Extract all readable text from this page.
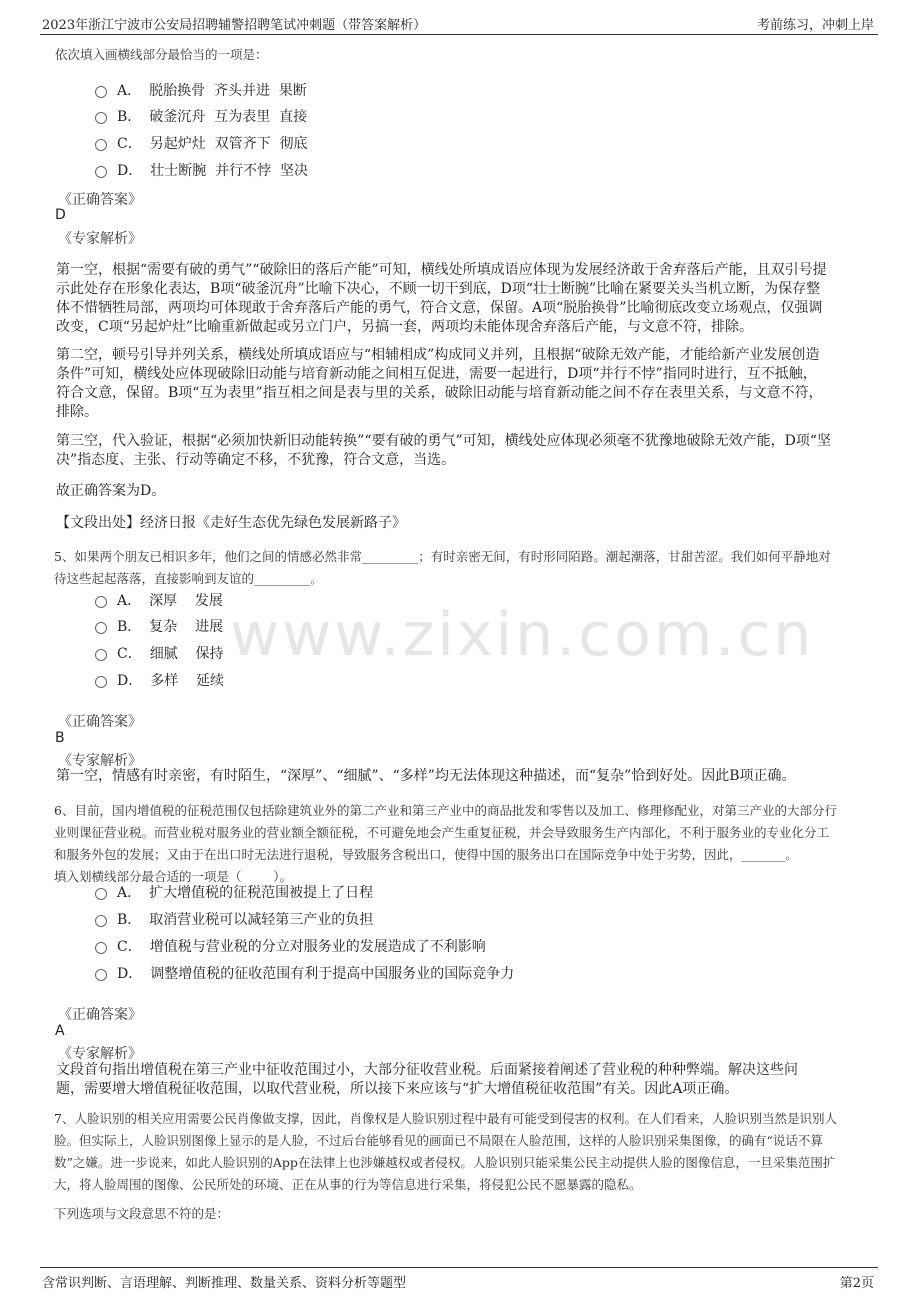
2023年浙江宁波市公安局招聘辅警招聘笔试冲刺题（带答案解析）	考前练习，冲刺上岸
www.zixin.com.cn
依次填入画横线部分最恰当的一项是：
A． 脱胎换骨  齐头并进  果断
B． 破釜沉舟  互为表里  直接
C． 另起炉灶  双管齐下  彻底
D． 壮士断腕  并行不悖  坚决
《正确答案》
D
《专家解析》
第一空，根据“需要有破的勇气”“破除旧的落后产能”可知，横线处所填成语应体现为发展经济敢于舍弃落后产能，且双引号提
示此处存在形象化表达，B项“破釜沉舟”比喻下决心，不顾一切干到底，D项“壮士断腕”比喻在紧要关头当机立断，为保存整
体不惜牺牲局部，两项均可体现敢于舍弃落后产能的勇气，符合文意，保留。A项“脱胎换骨”比喻彻底改变立场观点，仅强调
改变，C项“另起炉灶”比喻重新做起或另立门户，另搞一套，两项均未能体现舍弃落后产能，与文意不符，排除。
第二空，顿号引导并列关系，横线处所填成语应与“相辅相成”构成同义并列，且根据“破除无效产能，才能给新产业发展创造
条件”可知，横线处应体现破除旧动能与培育新动能之间相互促进，需要一起进行，D项“并行不悖”指同时进行，互不抵触，
符合文意，保留。B项“互为表里”指互相之间是表与里的关系，破除旧动能与培育新动能之间不存在表里关系，与文意不符，
排除。
第三空，代入验证，根据“必须加快新旧动能转换”“要有破的勇气”可知，横线处应体现必须毫不犹豫地破除无效产能，D项“坚
决”指态度、主张、行动等确定不移，不犹豫，符合文意，当选。
故正确答案为D。
【文段出处】经济日报《走好生态优先绿色发展新路子》
5、如果两个朋友已相识多年，他们之间的情感必然非常_________；有时亲密无间，有时形同陌路。潮起潮落，甘甜苦涩。我们如何平静地对
待这些起起落落，直接影响到友谊的_________。
A． 深厚    发展
B． 复杂    进展
C． 细腻    保持
D． 多样    延续
《正确答案》
B
《专家解析》
第一空，情感有时亲密，有时陌生，“深厚”、“细腻”、“多样”均无法体现这种描述，而“复杂”恰到好处。因此B项正确。
6、目前，国内增值税的征税范围仅包括除建筑业外的第二产业和第三产业中的商品批发和零售以及加工、修理修配业，对第三产业的大部分行
业则课征营业税。而营业税对服务业的营业额全额征税，不可避免地会产生重复征税，并会导致服务生产内部化，不利于服务业的专业化分工
和服务外包的发展；又由于在出口时无法进行退税，导致服务含税出口，使得中国的服务出口在国际竞争中处于劣势，因此，_______。
填入划横线部分最合适的一项是（        ）。
A． 扩大增值税的征税范围被提上了日程
B． 取消营业税可以减轻第三产业的负担
C． 增值税与营业税的分立对服务业的发展造成了不利影响
D． 调整增值税的征收范围有利于提高中国服务业的国际竞争力
《正确答案》
A
《专家解析》
文段首句指出增值税在第三产业中征收范围过小，大部分征收营业税。后面紧接着阐述了营业税的种种弊端。解决这些问
题，需要增大增值税征收范围，以取代营业税，所以接下来应该与“扩大增值税征收范围”有关。因此A项正确。
7、人脸识别的相关应用需要公民肖像做支撑，因此，肖像权是人脸识别过程中最有可能受到侵害的权利。在人们看来，人脸识别当然是识别人
脸。但实际上，人脸识别图像上显示的是人脸，不过后台能够看见的画面已不局限在人脸范围，这样的人脸识别采集图像，的确有“说话不算
数”之嫌。进一步说来，如此人脸识别的App在法律上也涉嫌越权或者侵权。人脸识别只能采集公民主动提供人脸的图像信息，一旦采集范围扩
大，将人脸周围的图像、公民所处的环境、正在从事的行为等信息进行采集，将侵犯公民不愿暴露的隐私。
下列选项与文段意思不符的是：
含常识判断、言语理解、判断推理、数量关系、资料分析等题型	第2页
